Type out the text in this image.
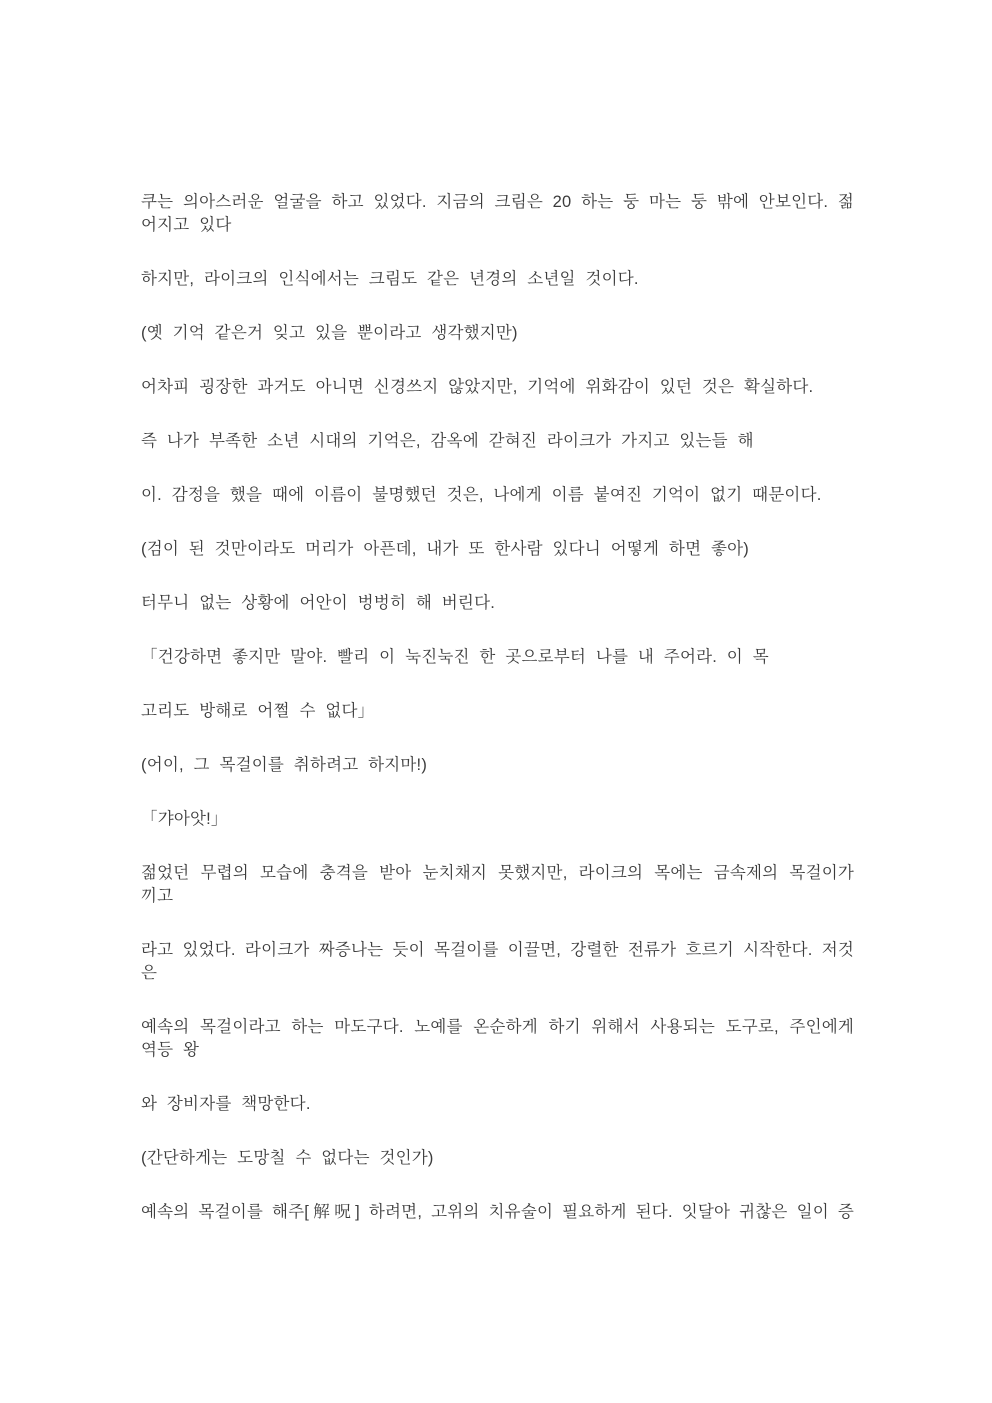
쿠는 의아스러운 얼굴을 하고 있었다. 지금의 크림은 20 하는 둥 마는 둥 밖에 안보인다. 젊
어지고 있다

하지만, 라이크의 인식에서는 크림도 같은 년경의 소년일 것이다.

(옛 기억 같은거 잊고 있을 뿐이라고 생각했지만)

어차피 굉장한 과거도 아니면 신경쓰지 않았지만, 기억에 위화감이 있던 것은 확실하다.

즉 나가 부족한 소년 시대의 기억은, 감옥에 갇혀진 라이크가 가지고 있는들 해

이. 감정을 했을 때에 이름이 불명했던 것은, 나에게 이름 붙여진 기억이 없기 때문이다.

(검이 된 것만이라도 머리가 아픈데, 내가 또 한사람 있다니 어떻게 하면 좋아)

터무니 없는 상황에 어안이 벙벙히 해 버린다.

「건강하면 좋지만 말야. 빨리 이 눅진눅진 한 곳으로부터 나를 내 주어라. 이 목

고리도 방해로 어쩔 수 없다」

(어이, 그 목걸이를 취하려고 하지마!)

「갸아앗!」

젊었던 무렵의 모습에 충격을 받아 눈치채지 못했지만, 라이크의 목에는 금속제의 목걸이가
끼고

라고 있었다. 라이크가 짜증나는 듯이 목걸이를 이끌면, 강렬한 전류가 흐르기 시작한다. 저것
은

예속의 목걸이라고 하는 마도구다. 노예를 온순하게 하기 위해서 사용되는 도구로, 주인에게
역등 왕

와 장비자를 책망한다.

(간단하게는 도망칠 수 없다는 것인가)

예속의 목걸이를 해주[解呪] 하려면, 고위의 치유술이 필요하게 된다. 잇달아 귀찮은 일이 증
